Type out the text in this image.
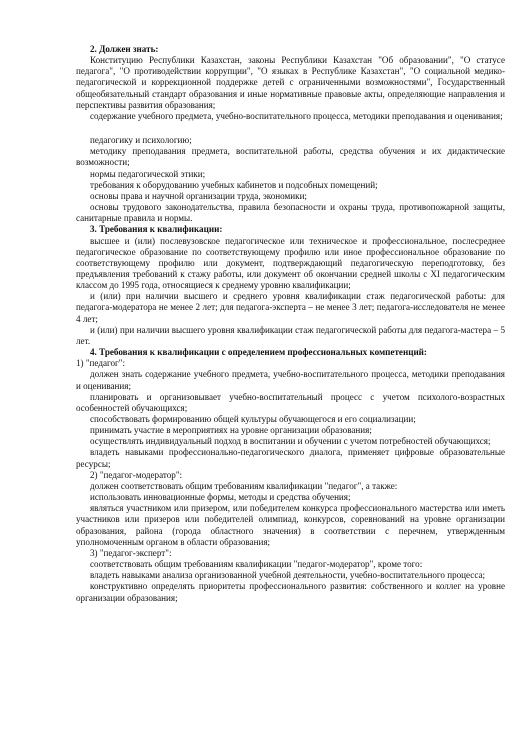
2. Должен знать:

Конституцию Республики Казахстан, законы Республики Казахстан "Об образовании", "О статусе педагога", "О противодействии коррупции", "О языках в Республике Казахстан", "О социальной медико-педагогической и коррекционной поддержке детей с ограниченными возможностями", Государственный общеобязательный стандарт образования и иные нормативные правовые акты, определяющие направления и перспективы развития образования;

содержание учебного предмета, учебно-воспитательного процесса, методики преподавания и оценивания;

педагогику и психологию;

методику преподавания предмета, воспитательной работы, средства обучения и их дидактические возможности;

нормы педагогической этики;

требования к оборудованию учебных кабинетов и подсобных помещений;

основы права и научной организации труда, экономики;

основы трудового законодательства, правила безопасности и охраны труда, противопожарной защиты, санитарные правила и нормы.

3. Требования к квалификации:

высшее и (или) послевузовское педагогическое или техническое и профессиональное, послесреднее педагогическое образование по соответствующему профилю или иное профессиональное образование по соответствующему профилю или документ, подтверждающий педагогическую переподготовку, без предъявления требований к стажу работы, или документ об окончании средней школы с XI педагогическим классом до 1995 года, относящиеся к среднему уровню квалификации;

и (или) при наличии высшего и среднего уровня квалификации стаж педагогической работы: для педагога-модератора не менее 2 лет; для педагога-эксперта – не менее 3 лет; педагога-исследователя не менее 4 лет;

и (или) при наличии высшего уровня квалификации стаж педагогической работы для педагога-мастера – 5 лет.

4. Требования к квалификации с определением профессиональных компетенций:

1) "педагог":

должен знать содержание учебного предмета, учебно-воспитательного процесса, методики преподавания и оценивания;

планировать и организовывает учебно-воспитательный процесс с учетом психолого-возрастных особенностей обучающихся;

способствовать формированию общей культуры обучающегося и его социализации;

принимать участие в мероприятиях на уровне организации образования;

осуществлять индивидуальный подход в воспитании и обучении с учетом потребностей обучающихся;

владеть навыками профессионально-педагогического диалога, применяет цифровые образовательные ресурсы;

2) "педагог-модератор":

должен соответствовать общим требованиям квалификации "педагог", а также:

использовать инновационные формы, методы и средства обучения;

являться участником или призером, или победителем конкурса профессионального мастерства или иметь участников или призеров или победителей олимпиад, конкурсов, соревнований на уровне организации образования, района (города областного значения) в соответствии с перечнем, утвержденным уполномоченным органом в области образования;

3) "педагог-эксперт":

соответствовать общим требованиям квалификации "педагог-модератор", кроме того:

владеть навыками анализа организованной учебной деятельности, учебно-воспитательного процесса;

конструктивно определять приоритеты профессионального развития: собственного и коллег на уровне организации образования;
